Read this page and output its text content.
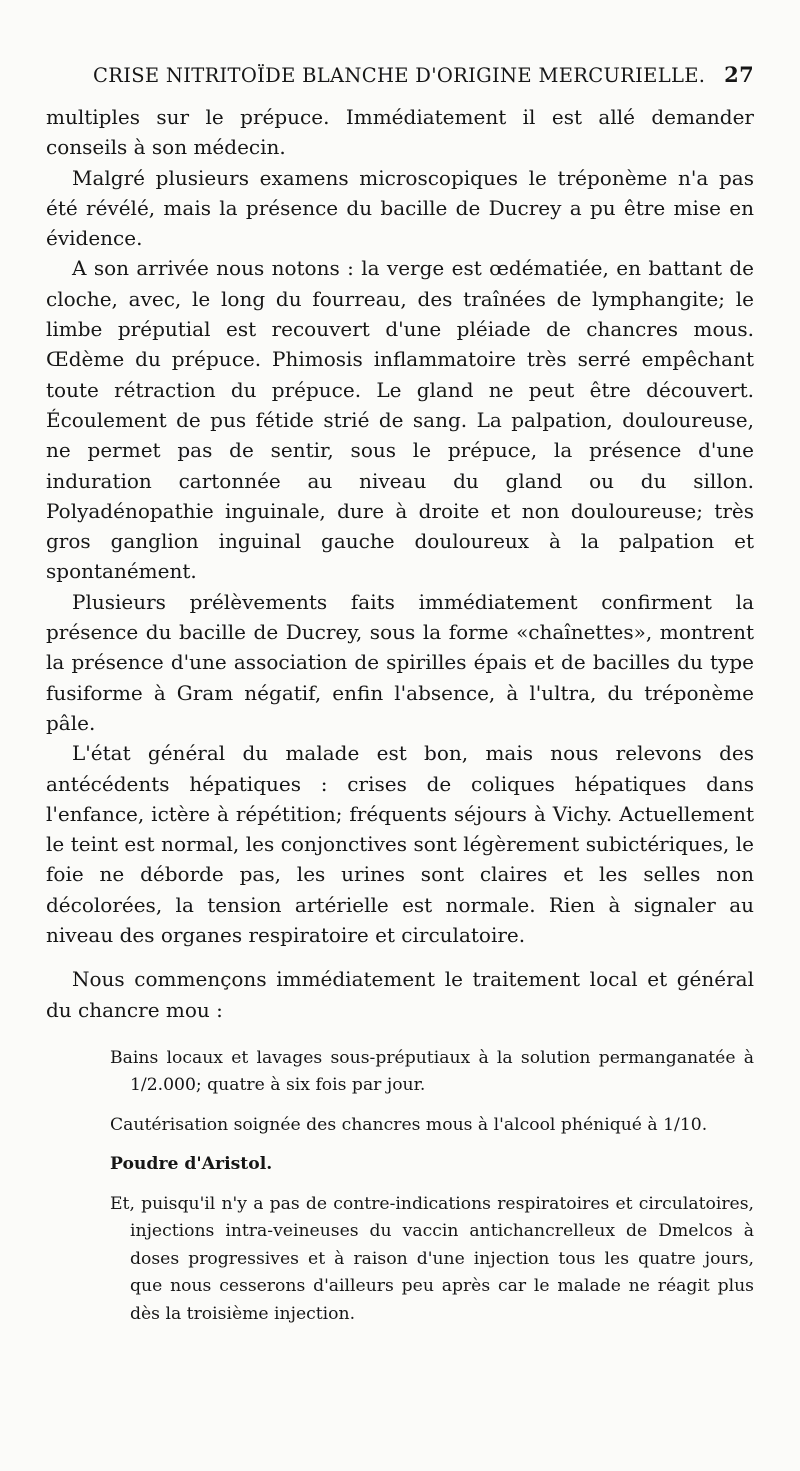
CRISE NITRITOÏDE BLANCHE D'ORIGINE MERCURIELLE. 27

multiples sur le prépuce. Immédiatement il est allé demander conseils à son médecin.

Malgré plusieurs examens microscopiques le tréponème n'a pas été révélé, mais la présence du bacille de Ducrey a pu être mise en évidence.

A son arrivée nous notons : la verge est œdématiée, en battant de cloche, avec, le long du fourreau, des traînées de lymphangite; le limbe préputial est recouvert d'une pléiade de chancres mous. Œdème du prépuce. Phimosis inflammatoire très serré empêchant toute rétraction du prépuce. Le gland ne peut être découvert. Écoulement de pus fétide strié de sang. La palpation, douloureuse, ne permet pas de sentir, sous le prépuce, la présence d'une induration cartonnée au niveau du gland ou du sillon. Polyadénopathie inguinale, dure à droite et non douloureuse; très gros ganglion inguinal gauche douloureux à la palpation et spontanément.

Plusieurs prélèvements faits immédiatement confirment la présence du bacille de Ducrey, sous la forme «chaînettes», montrent la présence d'une association de spirilles épais et de bacilles du type fusiforme à Gram négatif, enfin l'absence, à l'ultra, du tréponème pâle.

L'état général du malade est bon, mais nous relevons des antécédents hépatiques : crises de coliques hépatiques dans l'enfance, ictère à répétition; fréquents séjours à Vichy. Actuellement le teint est normal, les conjonctives sont légèrement subictériques, le foie ne déborde pas, les urines sont claires et les selles non décolorées, la tension artérielle est normale. Rien à signaler au niveau des organes respiratoire et circulatoire.

Nous commençons immédiatement le traitement local et général du chancre mou :

Bains locaux et lavages sous-préputiaux à la solution permanganatée à 1/2.000; quatre à six fois par jour.
Cautérisation soignée des chancres mous à l'alcool phéniqué à 1/10.
Poudre d'Aristol.
Et, puisqu'il n'y a pas de contre-indications respiratoires et circulatoires, injections intra-veineuses du vaccin antichancrelleux de Dmelcos à doses progressives et à raison d'une injection tous les quatre jours, que nous cesserons d'ailleurs peu après car le malade ne réagit plus dès la troisième injection.
